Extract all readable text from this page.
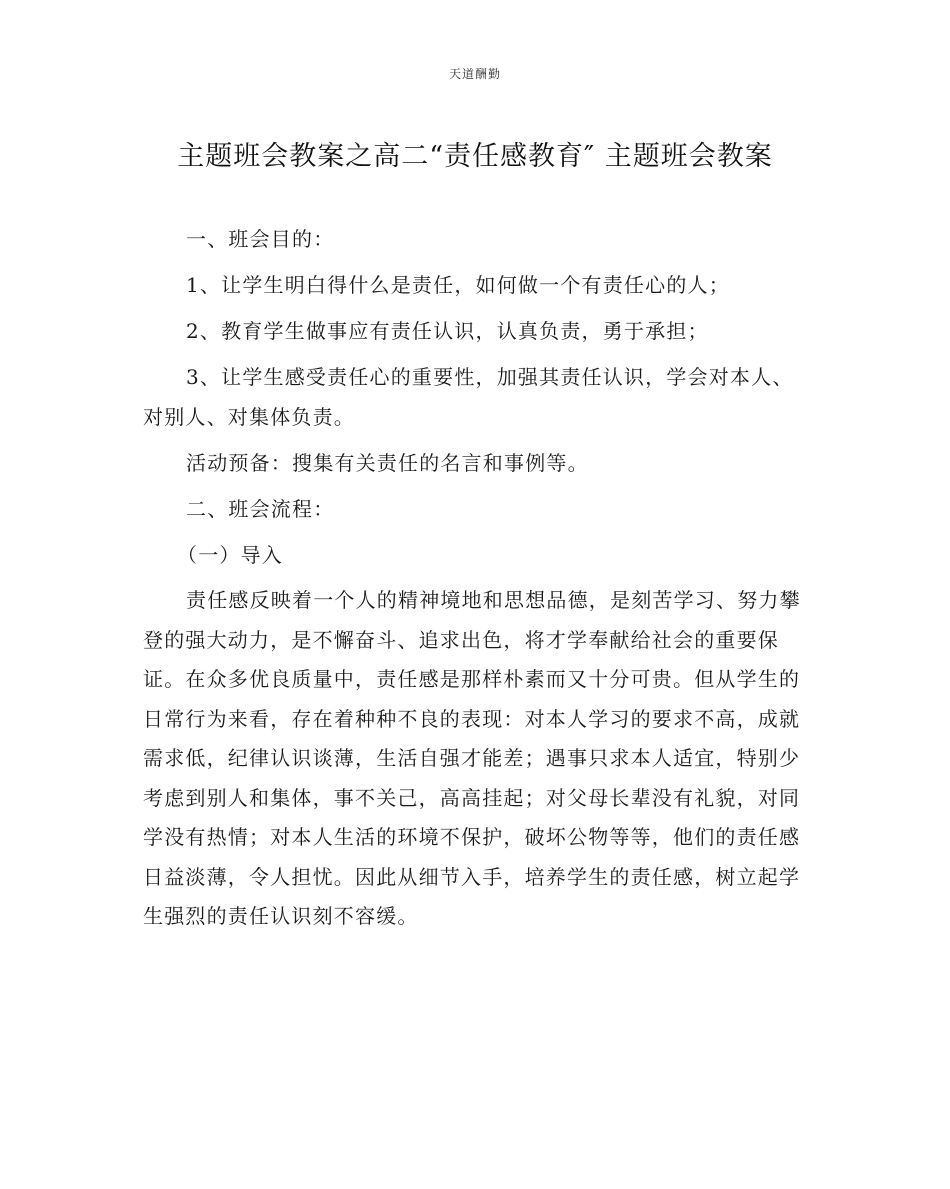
天道酬勤
主题班会教案之高二“责任感教育″ 主题班会教案

一、班会目的：

1、让学生明白得什么是责任，如何做一个有责任心的人；

2、教育学生做事应有责任认识，认真负责，勇于承担；

3、让学生感受责任心的重要性，加强其责任认识，学会对本人、对别人、对集体负责。

活动预备：搜集有关责任的名言和事例等。

二、班会流程：

（一）导入

责任感反映着一个人的精神境地和思想品德，是刻苦学习、努力攀登的强大动力，是不懈奋斗、追求出色，将才学奉献给社会的重要保证。在众多优良质量中，责任感是那样朴素而又十分可贵。但从学生的日常行为来看，存在着种种不良的表现：对本人学习的要求不高，成就需求低，纪律认识谈薄，生活自强才能差；遇事只求本人适宜，特别少考虑到别人和集体，事不关己，高高挂起；对父母长辈没有礼貌，对同学没有热情；对本人生活的环境不保护，破坏公物等等，他们的责任感日益淡薄，令人担忧。因此从细节入手，培养学生的责任感，树立起学生强烈的责任认识刻不容缓。
